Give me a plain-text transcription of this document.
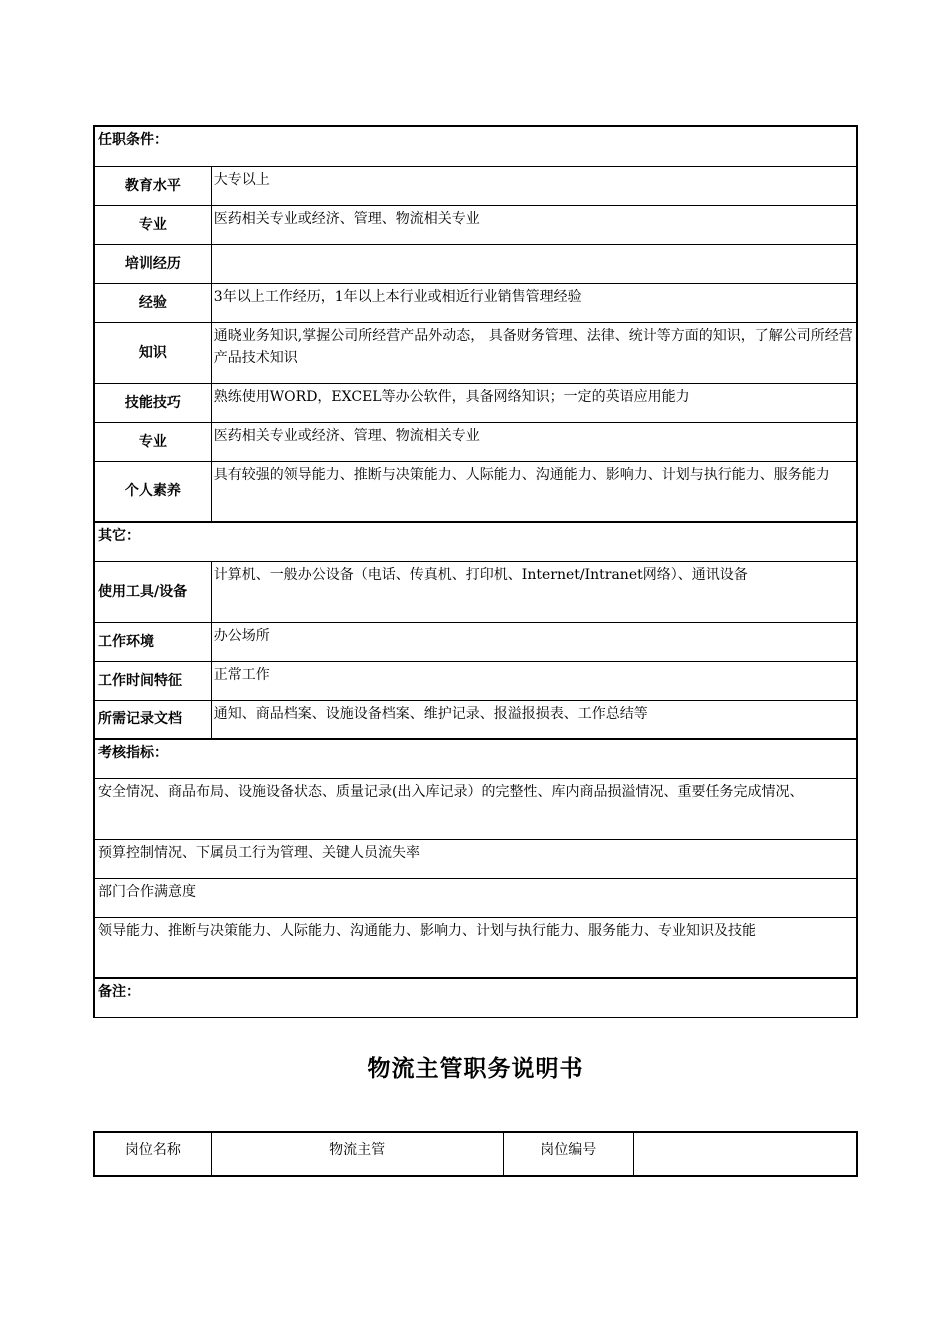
任职条件：	
教育水平	大专以上
专业	医药相关专业或经济、管理、物流相关专业
培训经历	
经验	3年以上工作经历，1年以上本行业或相近行业销售管理经验
知识	通晓业务知识,掌握公司所经营产品外动态， 具备财务管理、法律、统计等方面的知识，了解公司所经营产品技术知识
技能技巧	熟练使用WORD，EXCEL等办公软件，具备网络知识；一定的英语应用能力
专业	医药相关专业或经济、管理、物流相关专业
个人素养	具有较强的领导能力、推断与决策能力、人际能力、沟通能力、影响力、计划与执行能力、服务能力
其它：	
使用工具/设备	计算机、一般办公设备（电话、传真机、打印机、Internet/Intranet网络）、通讯设备
工作环境	办公场所
工作时间特征	正常工作
所需记录文档	通知、商品档案、设施设备档案、维护记录、报溢报损表、工作总结等
考核指标：	
安全情况、商品布局、设施设备状态、质量记录(出入库记录）的完整性、库内商品损溢情况、重要任务完成情况、	
预算控制情况、下属员工行为管理、关键人员流失率	
部门合作满意度	
领导能力、推断与决策能力、人际能力、沟通能力、影响力、计划与执行能力、服务能力、专业知识及技能	
备注：	
物流主管职务说明书
岗位名称	物流主管	岗位编号	
